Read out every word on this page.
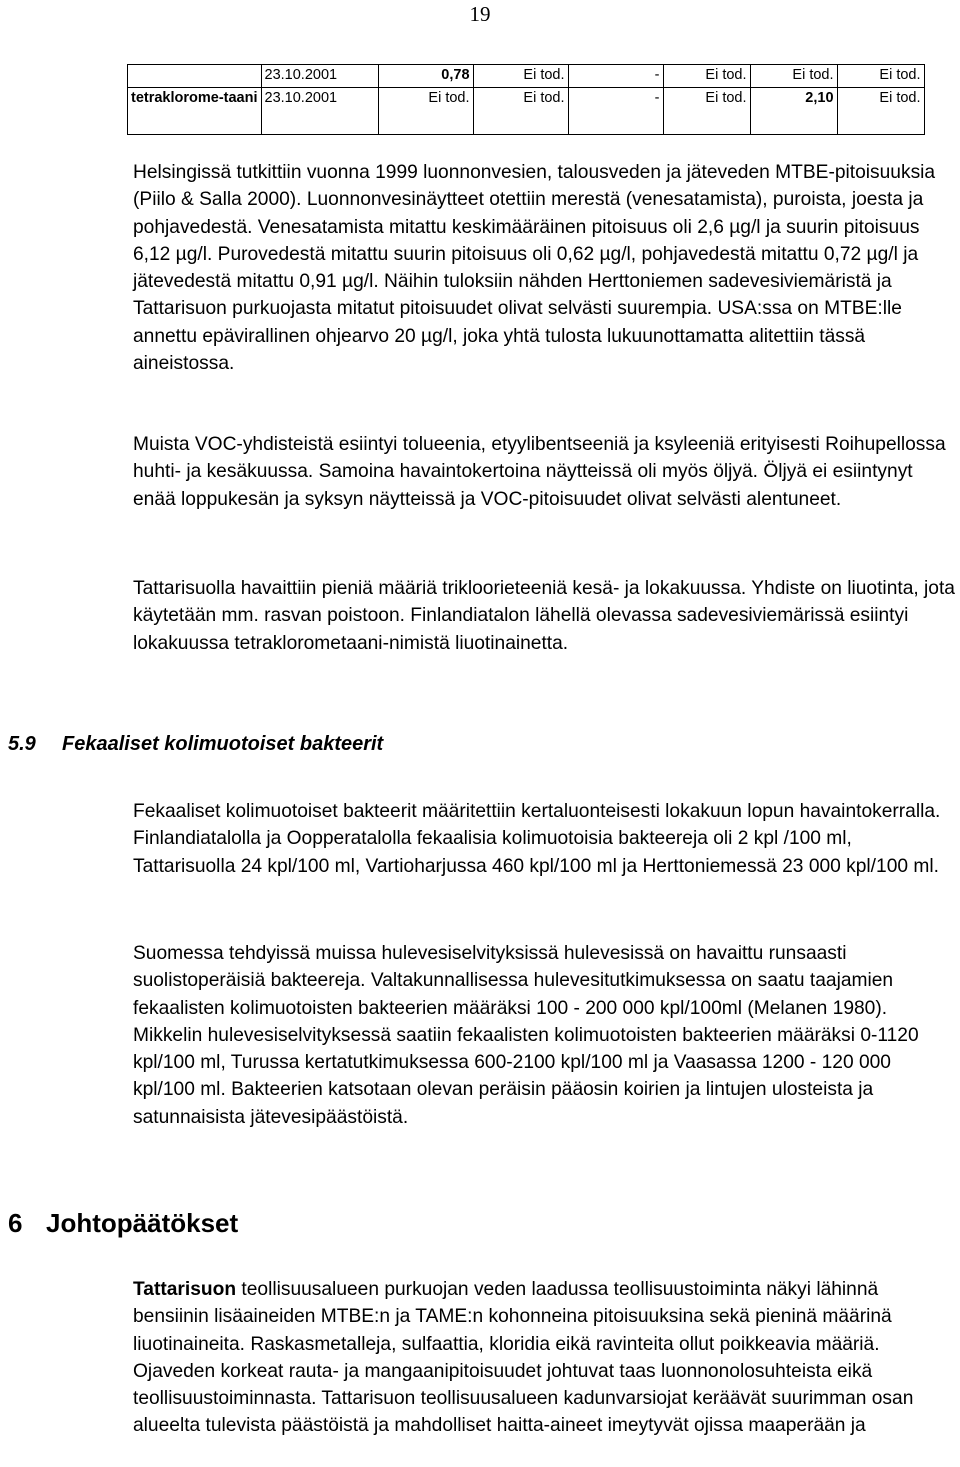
19
	23.10.2001	0,78	Ei tod.	-	Ei tod.	Ei tod.	Ei tod.
tetraklorome-taani	23.10.2001	Ei tod.	Ei tod.	-	Ei tod.	2,10	Ei tod.

Helsingissä tutkittiin vuonna 1999 luonnonvesien, talousveden ja jäteveden MTBE-pitoisuuksia (Piilo & Salla 2000). Luonnonvesinäytteet otettiin merestä (venesatamista), puroista, joesta ja pohjavedestä. Venesatamista mitattu keskimääräinen pitoisuus oli 2,6 µg/l ja suurin pitoisuus 6,12 µg/l. Purovedestä mitattu suurin pitoisuus oli 0,62 µg/l, pohjavedestä mitattu 0,72 µg/l ja jätevedestä mitattu 0,91 µg/l. Näihin tuloksiin nähden Herttoniemen sadevesiviemäristä ja Tattarisuon purkuojasta mitatut pitoisuudet olivat selvästi suurempia. USA:ssa on MTBE:lle annettu epävirallinen ohjearvo 20 µg/l, joka yhtä tulosta lukuunottamatta alitettiin tässä aineistossa.

Muista VOC-yhdisteistä esiintyi tolueenia, etyylibentseeniä ja ksyleeniä erityisesti Roihupellossa huhti- ja kesäkuussa. Samoina havaintokertoina näytteissä oli myös öljyä. Öljyä ei esiintynyt enää loppukesän ja syksyn näytteissä ja VOC-pitoisuudet olivat selvästi alentuneet.

Tattarisuolla havaittiin pieniä määriä trikloorieteeniä kesä- ja lokakuussa. Yhdiste on liuotinta, jota käytetään mm. rasvan poistoon. Finlandiatalon lähellä olevassa sadevesiviemärissä esiintyi lokakuussa tetraklorometaani-nimistä liuotinainetta.

5.9 Fekaaliset kolimuotoiset bakteerit

Fekaaliset kolimuotoiset bakteerit määritettiin kertaluonteisesti lokakuun lopun havaintokerralla. Finlandiatalolla ja Oopperatalolla fekaalisia kolimuotoisia bakteereja oli 2 kpl /100 ml, Tattarisuolla 24 kpl/100 ml, Vartioharjussa 460 kpl/100 ml ja Herttoniemessä 23 000 kpl/100 ml.

Suomessa tehdyissä muissa hulevesiselvityksissä hulevesissä on havaittu runsaasti suolistoperäisiä bakteereja. Valtakunnallisessa hulevesitutkimuksessa on saatu taajamien fekaalisten kolimuotoisten bakteerien määräksi 100 - 200 000 kpl/100ml (Melanen 1980). Mikkelin hulevesiselvityksessä saatiin fekaalisten kolimuotoisten bakteerien määräksi 0-1120 kpl/100 ml, Turussa kertatutkimuksessa 600-2100 kpl/100 ml ja Vaasassa 1200 - 120 000 kpl/100 ml. Bakteerien katsotaan olevan peräisin pääosin koirien ja lintujen ulosteista ja satunnaisista jätevesipäästöistä.

6 Johtopäätökset

Tattarisuon teollisuusalueen purkuojan veden laadussa teollisuustoiminta näkyi lähinnä bensiinin lisäaineiden MTBE:n ja TAME:n kohonneina pitoisuuksina sekä pieninä määrinä liuotinaineita. Raskasmetalleja, sulfaattia, kloridia eikä ravinteita ollut poikkeavia määriä. Ojaveden korkeat rauta- ja mangaanipitoisuudet johtuvat taas luonnonolosuhteista eikä teollisuustoiminnasta. Tattarisuon teollisuusalueen kadunvarsiojat keräävät suurimman osan alueelta tulevista päästöistä ja mahdolliset haitta-aineet imeytyvät ojissa maaperään ja
